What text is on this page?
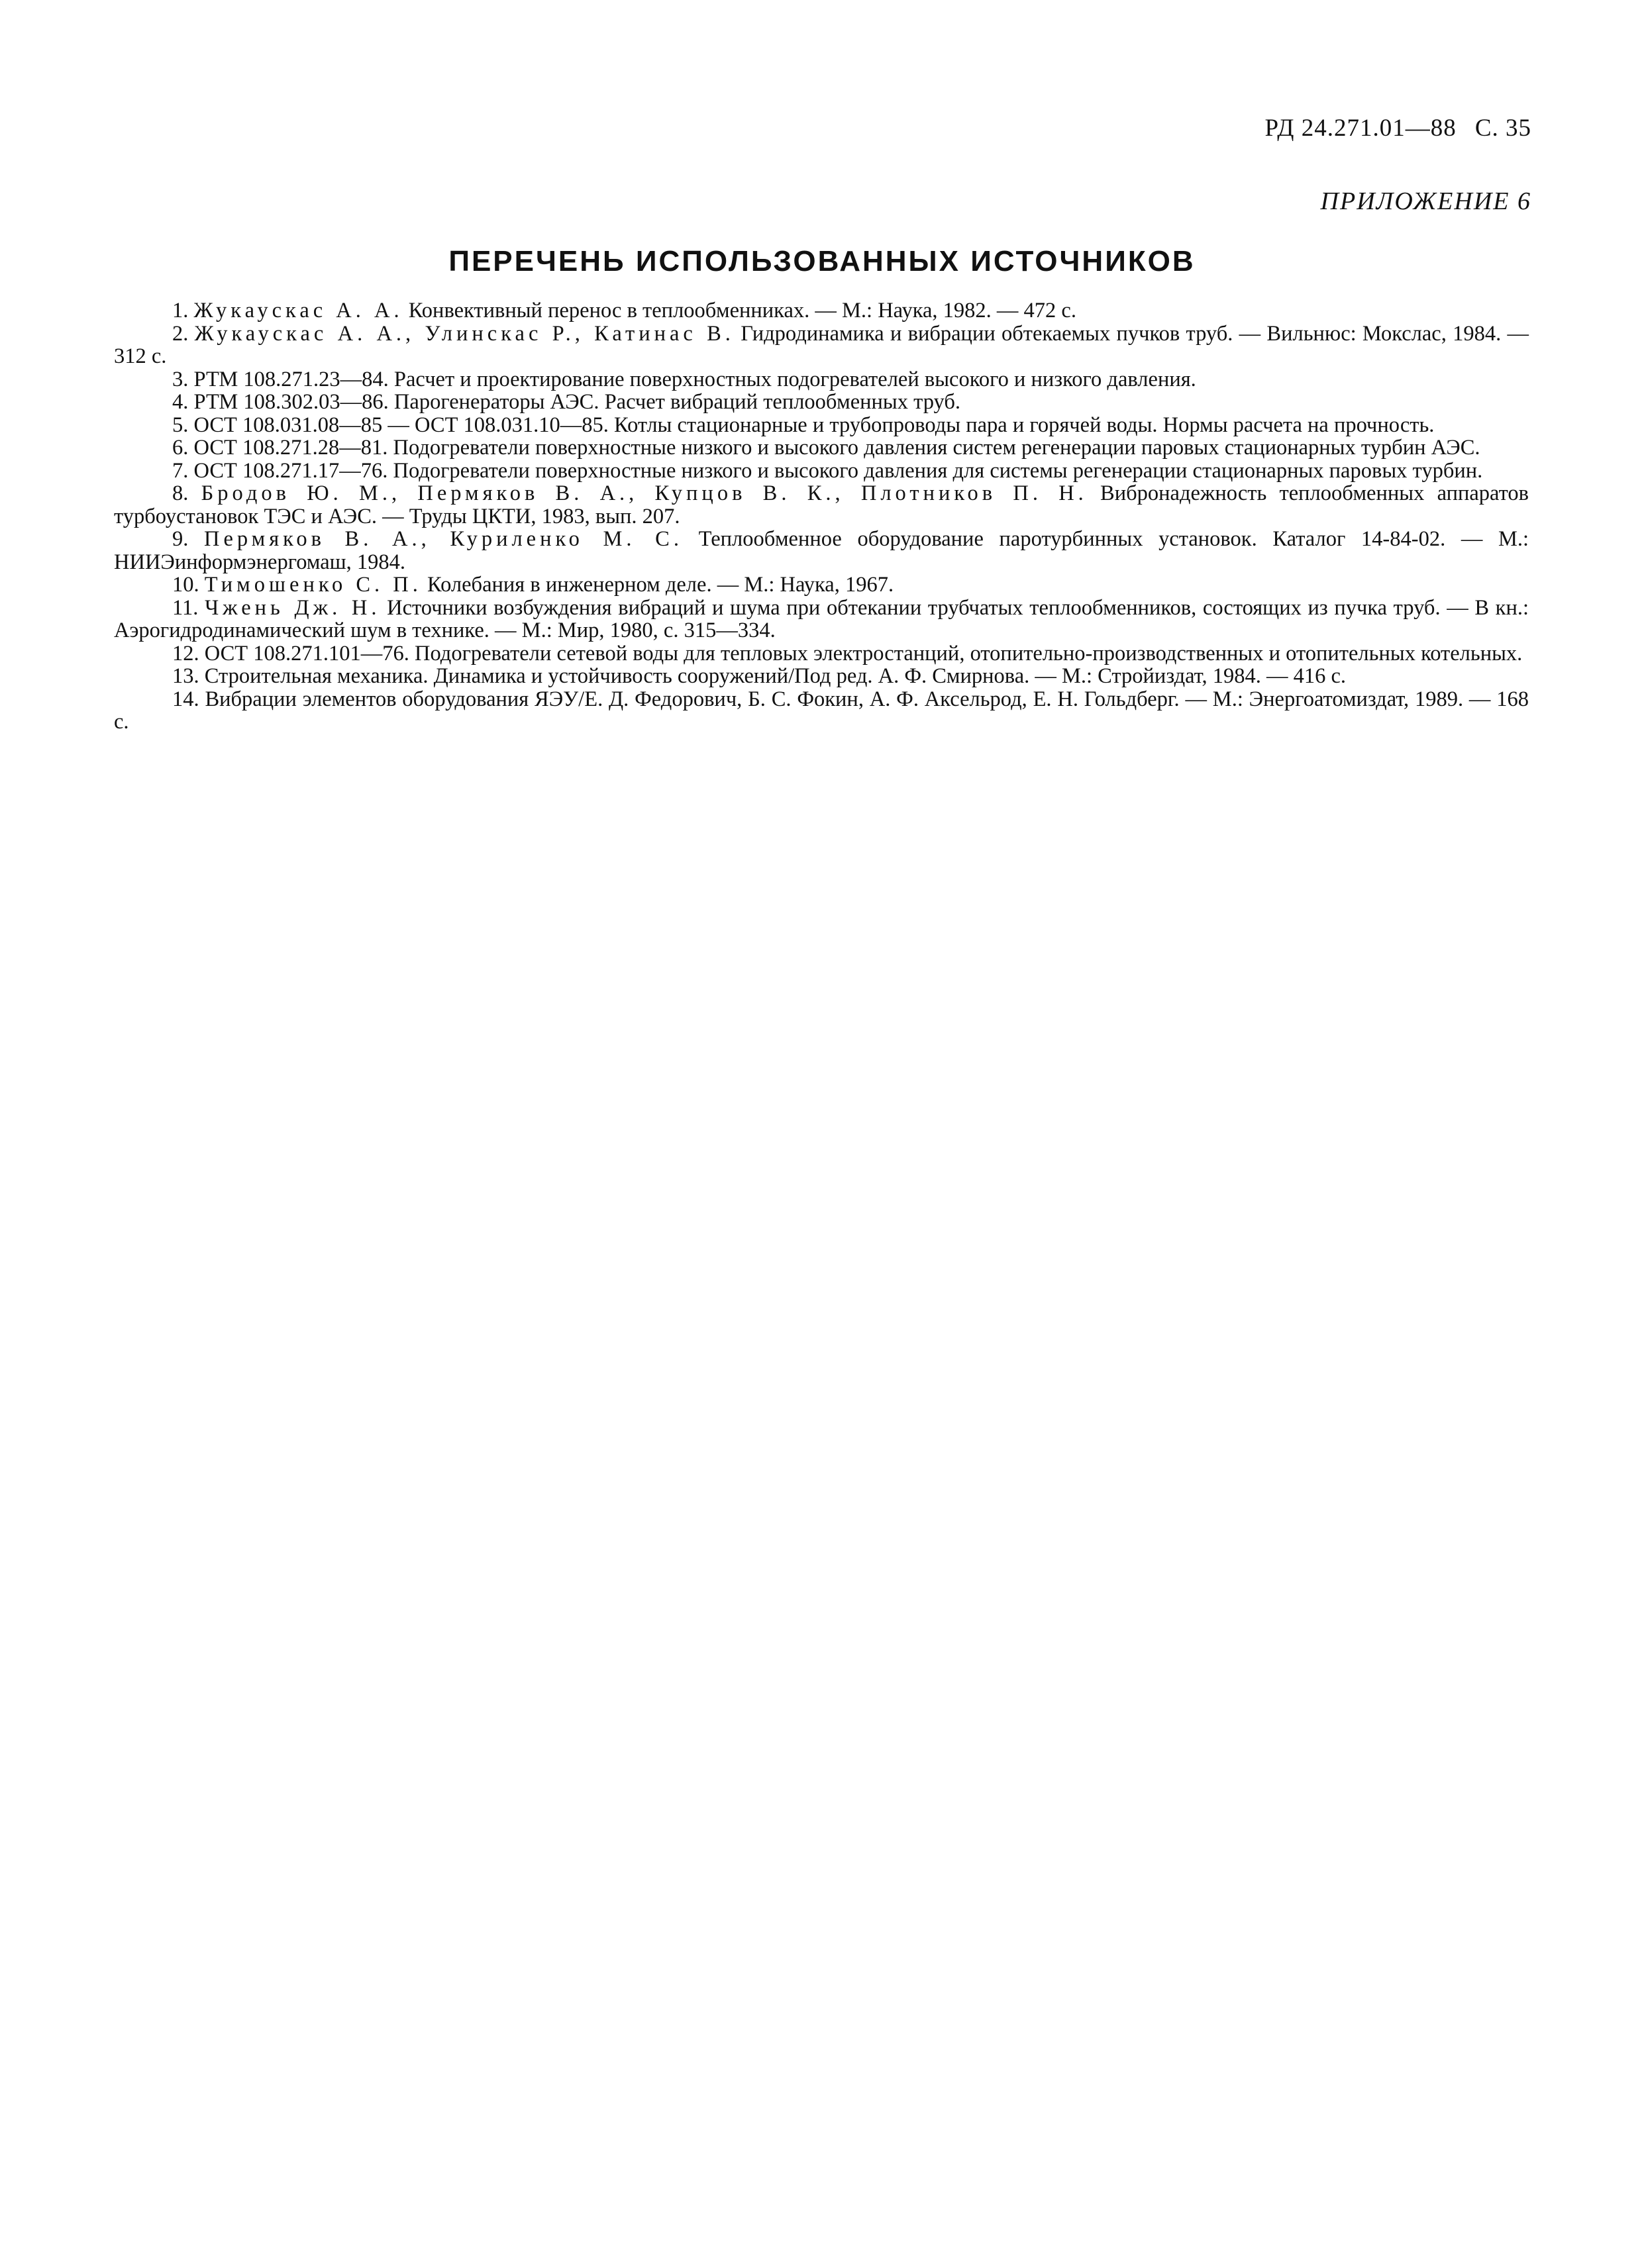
РД 24.271.01—88 С. 35
ПРИЛОЖЕНИЕ 6
ПЕРЕЧЕНЬ ИСПОЛЬЗОВАННЫХ ИСТОЧНИКОВ

1. Жукаускас А. А. Конвективный перенос в теплообменниках. — М.: Наука, 1982. — 472 с.

2. Жукаускас А. А., Улинскас Р., Катинас В. Гидродинамика и вибрации обтекаемых пучков труб. — Вильнюс: Мокслас, 1984. — 312 с.

3. РТМ 108.271.23—84. Расчет и проектирование поверхностных подогревателей высокого и низкого давления.

4. РТМ 108.302.03—86. Парогенераторы АЭС. Расчет вибраций теплообменных труб.

5. ОСТ 108.031.08—85 — ОСТ 108.031.10—85. Котлы стационарные и трубопроводы пара и горячей воды. Нормы расчета на прочность.

6. ОСТ 108.271.28—81. Подогреватели поверхностные низкого и высокого давления систем регенерации паровых стационарных турбин АЭС.

7. ОСТ 108.271.17—76. Подогреватели поверхностные низкого и высокого давления для системы регенерации стационарных паровых турбин.

8. Бродов Ю. М., Пермяков В. А., Купцов В. К., Плотников П. Н. Вибронадежность теплообменных аппаратов турбоустановок ТЭС и АЭС. — Труды ЦКТИ, 1983, вып. 207.

9. Пермяков В. А., Куриленко М. С. Теплообменное оборудование паротурбинных установок. Каталог 14-84-02. — М.: НИИЭинформэнергомаш, 1984.

10. Тимошенко С. П. Колебания в инженерном деле. — М.: Наука, 1967.

11. Чжень Дж. Н. Источники возбуждения вибраций и шума при обтекании трубчатых теплообменников, состоящих из пучка труб. — В кн.: Аэрогидродинамический шум в технике. — М.: Мир, 1980, с. 315—334.

12. ОСТ 108.271.101—76. Подогреватели сетевой воды для тепловых электростанций, отопительно-производственных и отопительных котельных.

13. Строительная механика. Динамика и устойчивость сооружений/Под ред. А. Ф. Смирнова. — М.: Стройиздат, 1984. — 416 с.

14. Вибрации элементов оборудования ЯЭУ/Е. Д. Федорович, Б. С. Фокин, А. Ф. Аксельрод, Е. Н. Гольдберг. — М.: Энергоатомиздат, 1989. — 168 с.
